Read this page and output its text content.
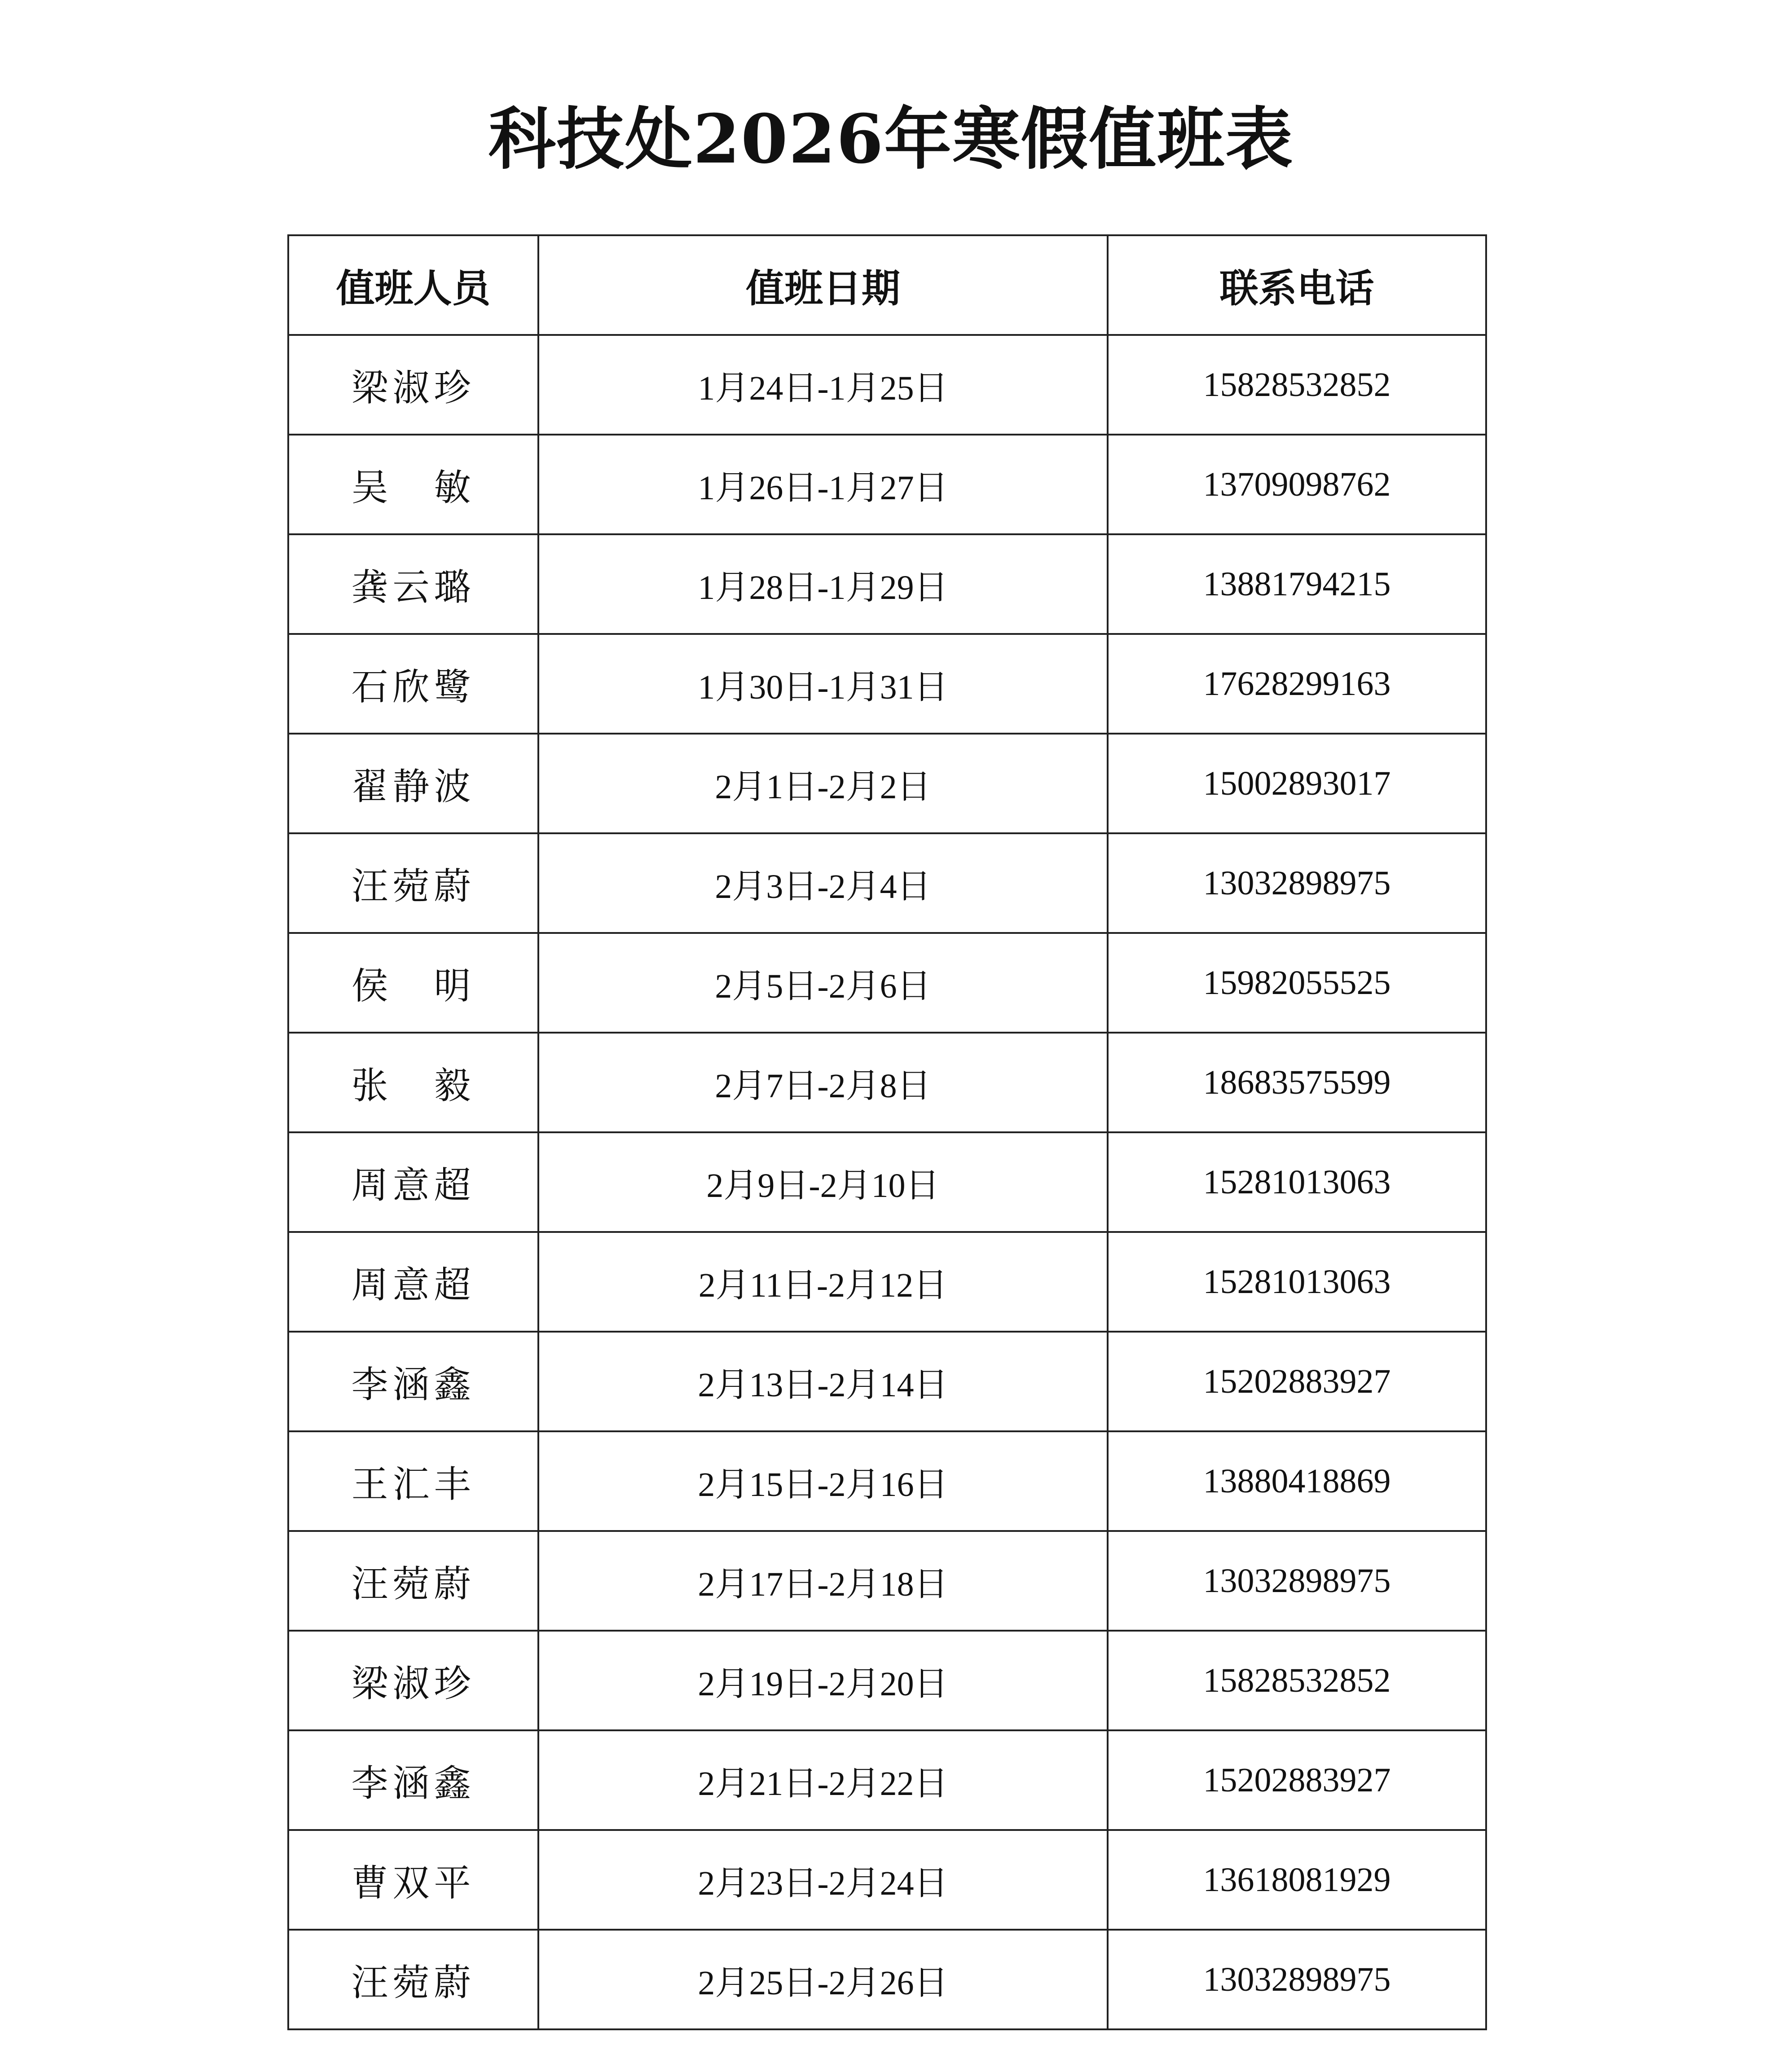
科技处2026年寒假值班表
值班人员	值班日期	联系电话
梁淑珍	1月24日-1月25日	15828532852
吴　敏	1月26日-1月27日	13709098762
龚云璐	1月28日-1月29日	13881794215
石欣鹭	1月30日-1月31日	17628299163
翟静波	2月1日-2月2日	15002893017
汪菀蔚	2月3日-2月4日	13032898975
侯　明	2月5日-2月6日	15982055525
张　毅	2月7日-2月8日	18683575599
周意超	2月9日-2月10日	15281013063
周意超	2月11日-2月12日	15281013063
李涵鑫	2月13日-2月14日	15202883927
王汇丰	2月15日-2月16日	13880418869
汪菀蔚	2月17日-2月18日	13032898975
梁淑珍	2月19日-2月20日	15828532852
李涵鑫	2月21日-2月22日	15202883927
曹双平	2月23日-2月24日	13618081929
汪菀蔚	2月25日-2月26日	13032898975
